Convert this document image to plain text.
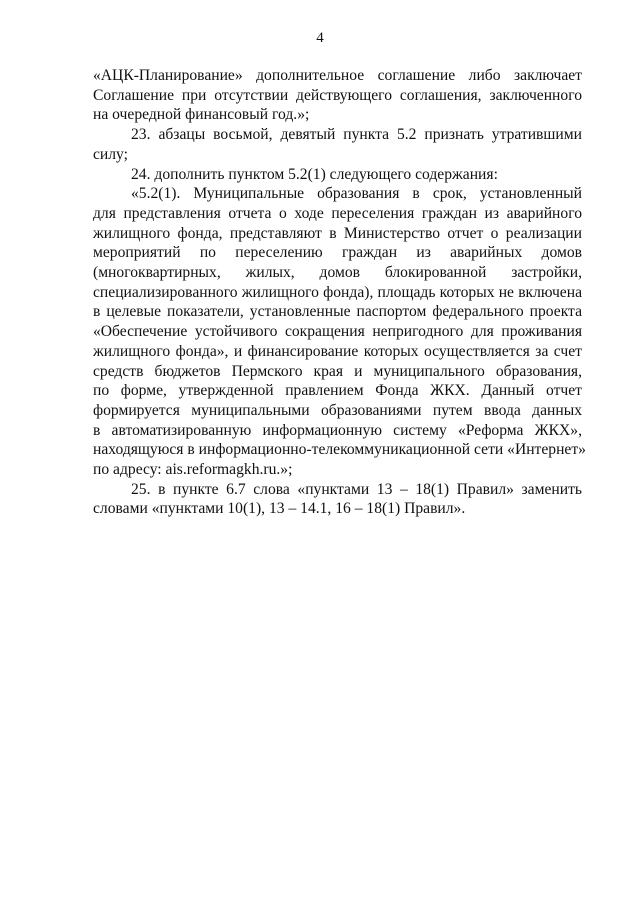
4

«АЦК-Планирование» дополнительное соглашение либо заключает
Соглашение при отсутствии действующего соглашения, заключенного
на очередной финансовый год.»;

23. абзацы восьмой, девятый пункта 5.2 признать утратившими
силу;

24. дополнить пунктом 5.2(1) следующего содержания:

«5.2(1). Муниципальные образования в срок, установленный
для представления отчета о ходе переселения граждан из аварийного
жилищного фонда, представляют в Министерство отчет о реализации
мероприятий по переселению граждан из аварийных домов
(многоквартирных, жилых, домов блокированной застройки,
специализированного жилищного фонда), площадь которых не включена
в целевые показатели, установленные паспортом федерального проекта
«Обеспечение устойчивого сокращения непригодного для проживания
жилищного фонда», и финансирование которых осуществляется за счет
средств бюджетов Пермского края и муниципального образования,
по форме, утвержденной правлением Фонда ЖКХ. Данный отчет
формируется муниципальными образованиями путем ввода данных
в автоматизированную информационную систему «Реформа ЖКХ»,
находящуюся в информационно-телекоммуникационной сети «Интернет»
по адресу: ais.reformagkh.ru.»;

25. в пункте 6.7 слова «пунктами 13 – 18(1) Правил» заменить
словами «пунктами 10(1), 13 – 14.1, 16 – 18(1) Правил».
